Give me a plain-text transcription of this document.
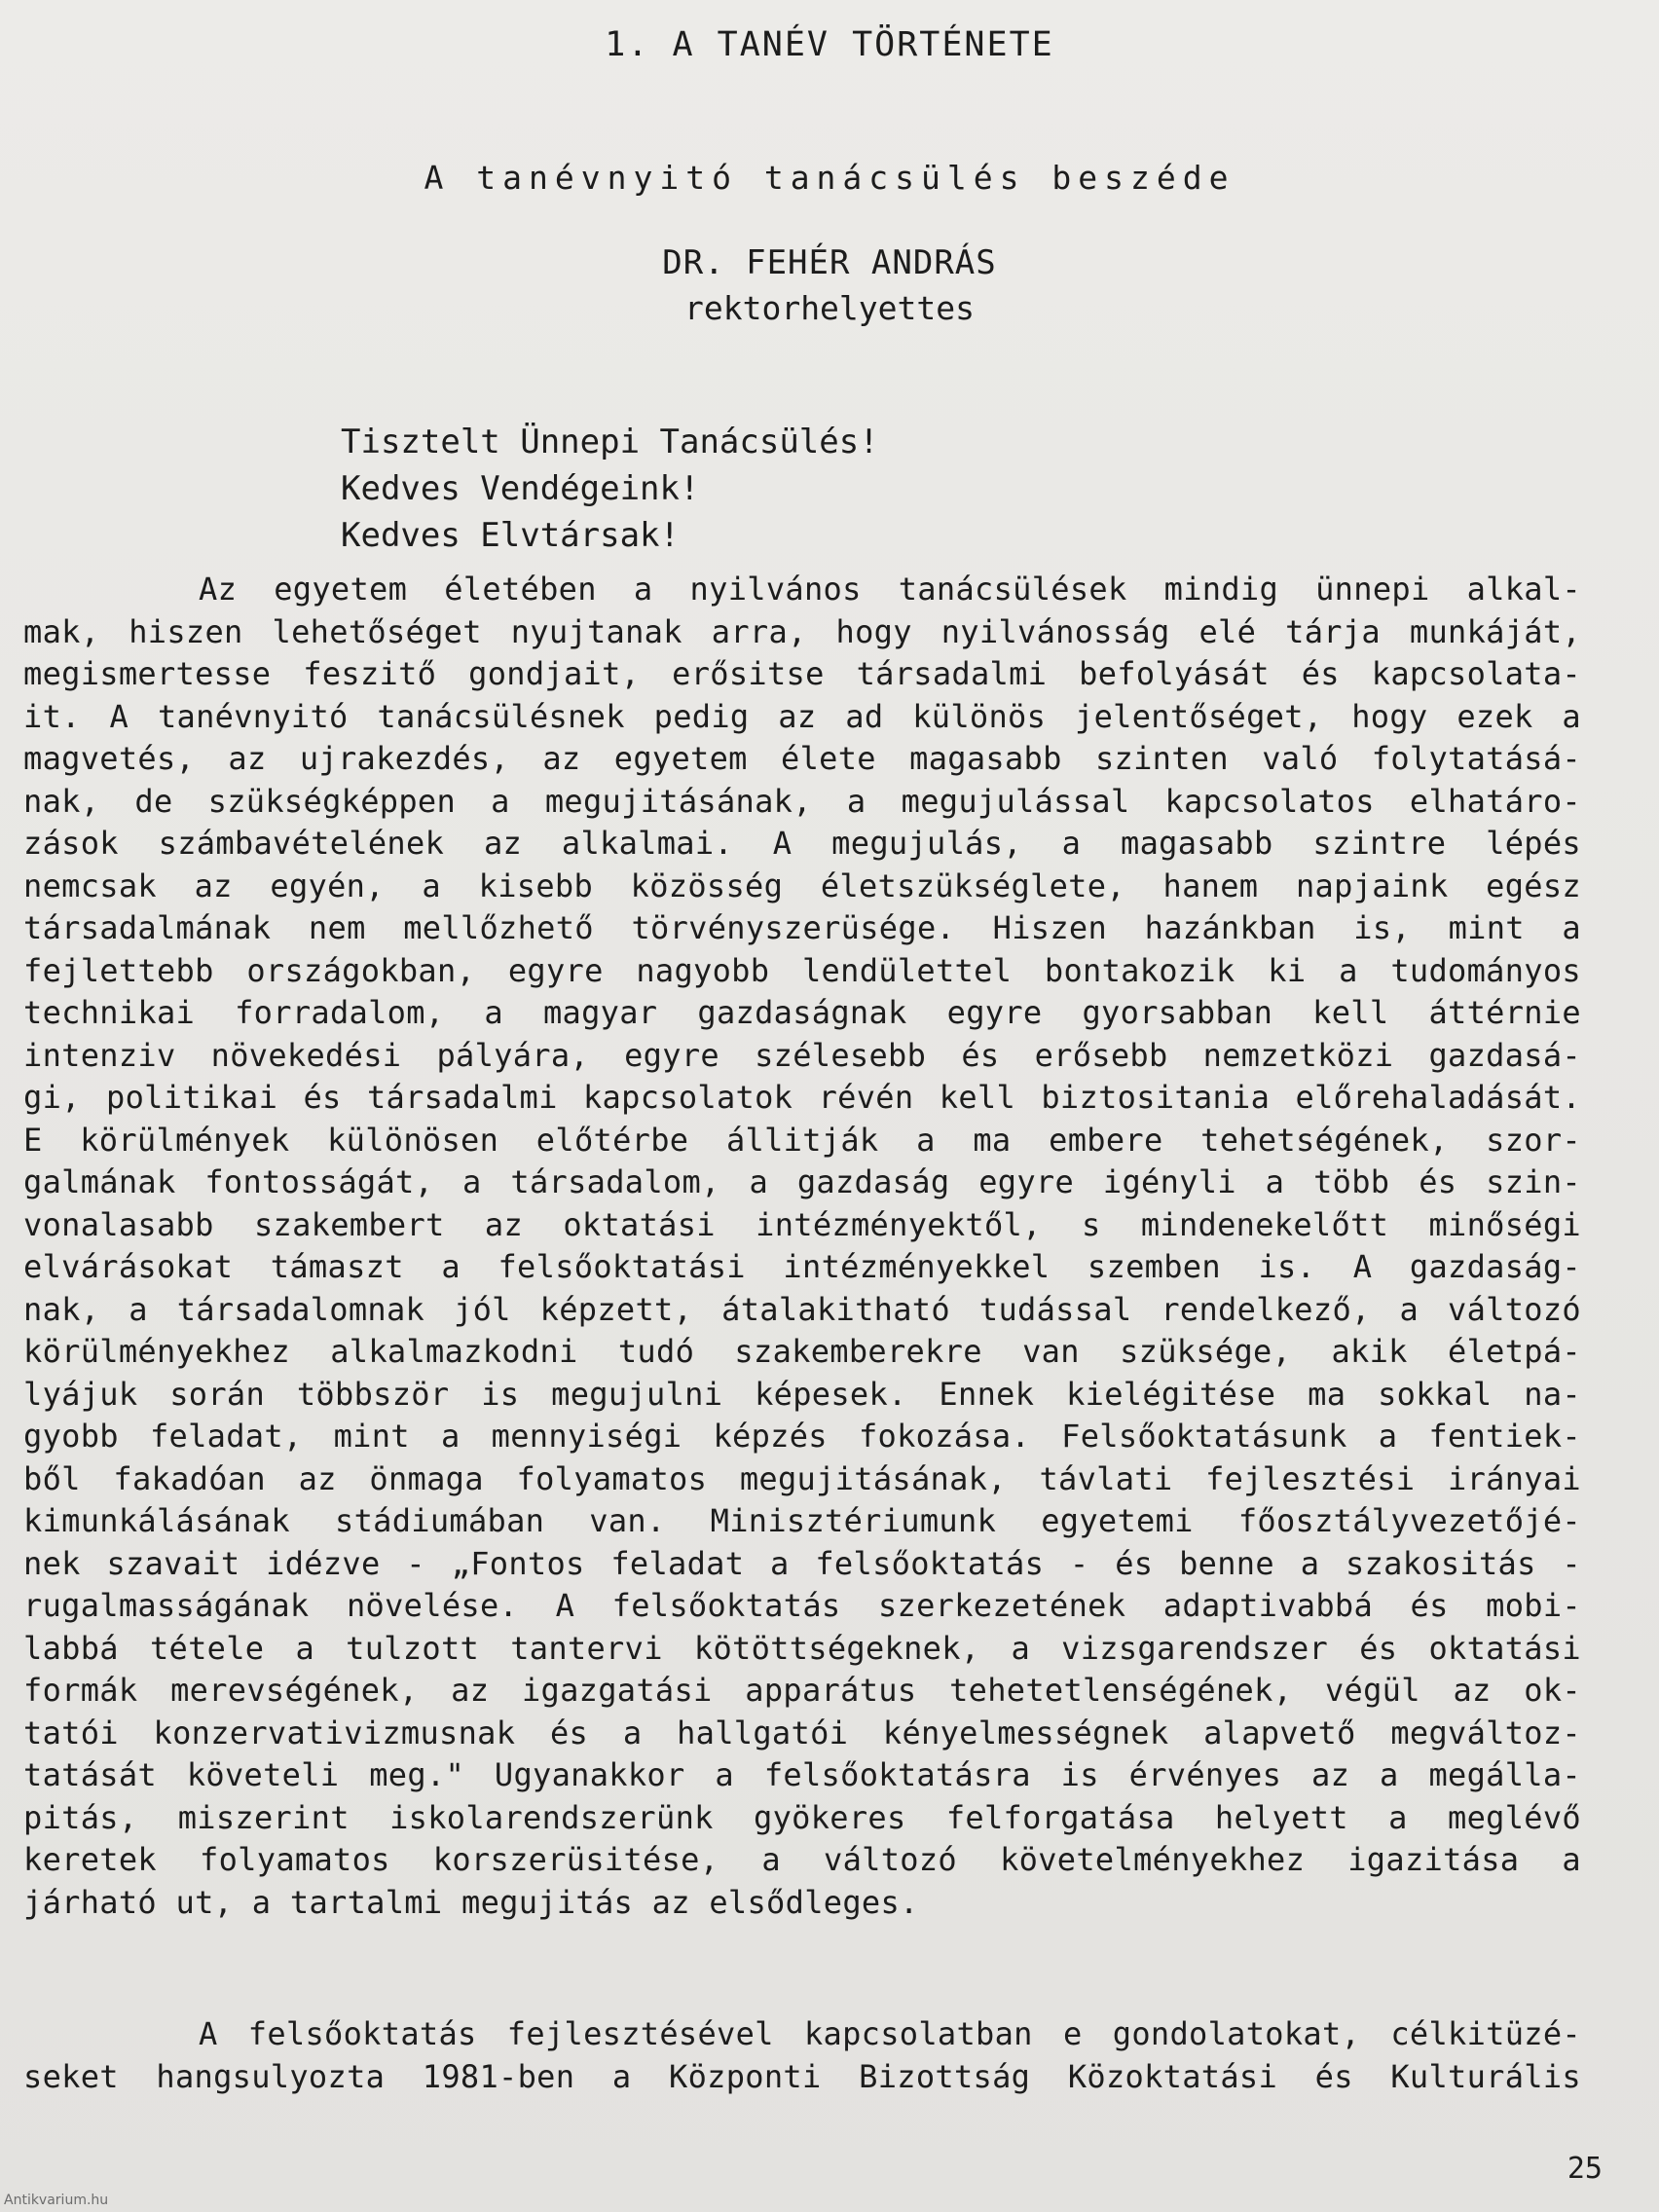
1. A TANÉV TÖRTÉNETE
A tanévnyitó tanácsülés beszéde
DR. FEHÉR ANDRÁS
rektorhelyettes
Tisztelt Ünnepi Tanácsülés!
Kedves Vendégeink!
Kedves Elvtársak!
Az egyetem életében a nyilvános tanácsülések mindig ünnepi alkal-
mak, hiszen lehetőséget nyujtanak arra, hogy nyilvánosság elé tárja munkáját,
megismertesse feszitő gondjait, erősitse társadalmi befolyását és kapcsolata-
it. A tanévnyitó tanácsülésnek pedig az ad különös jelentőséget, hogy ezek a
magvetés, az ujrakezdés, az egyetem élete magasabb szinten való folytatásá-
nak, de szükségképpen a megujitásának, a megujulással kapcsolatos elhatáro-
zások számbavételének az alkalmai. A megujulás, a magasabb szintre lépés
nemcsak az egyén, a kisebb közösség életszükséglete, hanem napjaink egész
társadalmának nem mellőzhető törvényszerüsége. Hiszen hazánkban is, mint a
fejlettebb országokban, egyre nagyobb lendülettel bontakozik ki a tudományos
technikai forradalom, a magyar gazdaságnak egyre gyorsabban kell áttérnie
intenziv növekedési pályára, egyre szélesebb és erősebb nemzetközi gazdasá-
gi, politikai és társadalmi kapcsolatok révén kell biztositania előrehaladását.
E körülmények különösen előtérbe állitják a ma embere tehetségének, szor-
galmának fontosságát, a társadalom, a gazdaság egyre igényli a több és szin-
vonalasabb szakembert az oktatási intézményektől, s mindenekelőtt minőségi
elvárásokat támaszt a felsőoktatási intézményekkel szemben is. A gazdaság-
nak, a társadalomnak jól képzett, átalakitható tudással rendelkező, a változó
körülményekhez alkalmazkodni tudó szakemberekre van szüksége, akik életpá-
lyájuk során többször is megujulni képesek. Ennek kielégitése ma sokkal na-
gyobb feladat, mint a mennyiségi képzés fokozása. Felsőoktatásunk a fentiek-
ből fakadóan az önmaga folyamatos megujitásának, távlati fejlesztési irányai
kimunkálásának stádiumában van. Minisztériumunk egyetemi főosztályvezetőjé-
nek szavait idézve - „Fontos feladat a felsőoktatás - és benne a szakositás -
rugalmasságának növelése. A felsőoktatás szerkezetének adaptivabbá és mobi-
labbá tétele a tulzott tantervi kötöttségeknek, a vizsgarendszer és oktatási
formák merevségének, az igazgatási apparátus tehetetlenségének, végül az ok-
tatói konzervativizmusnak és a hallgatói kényelmességnek alapvető megváltoz-
tatását követeli meg." Ugyanakkor a felsőoktatásra is érvényes az a megálla-
pitás, miszerint iskolarendszerünk gyökeres felforgatása helyett a meglévő
keretek folyamatos korszerüsitése, a változó követelményekhez igazitása a
járható ut, a tartalmi megujitás az elsődleges.
A felsőoktatás fejlesztésével kapcsolatban e gondolatokat, célkitüzé-
seket hangsulyozta 1981-ben a Központi Bizottság Közoktatási és Kulturális
25
Antikvarium.hu
